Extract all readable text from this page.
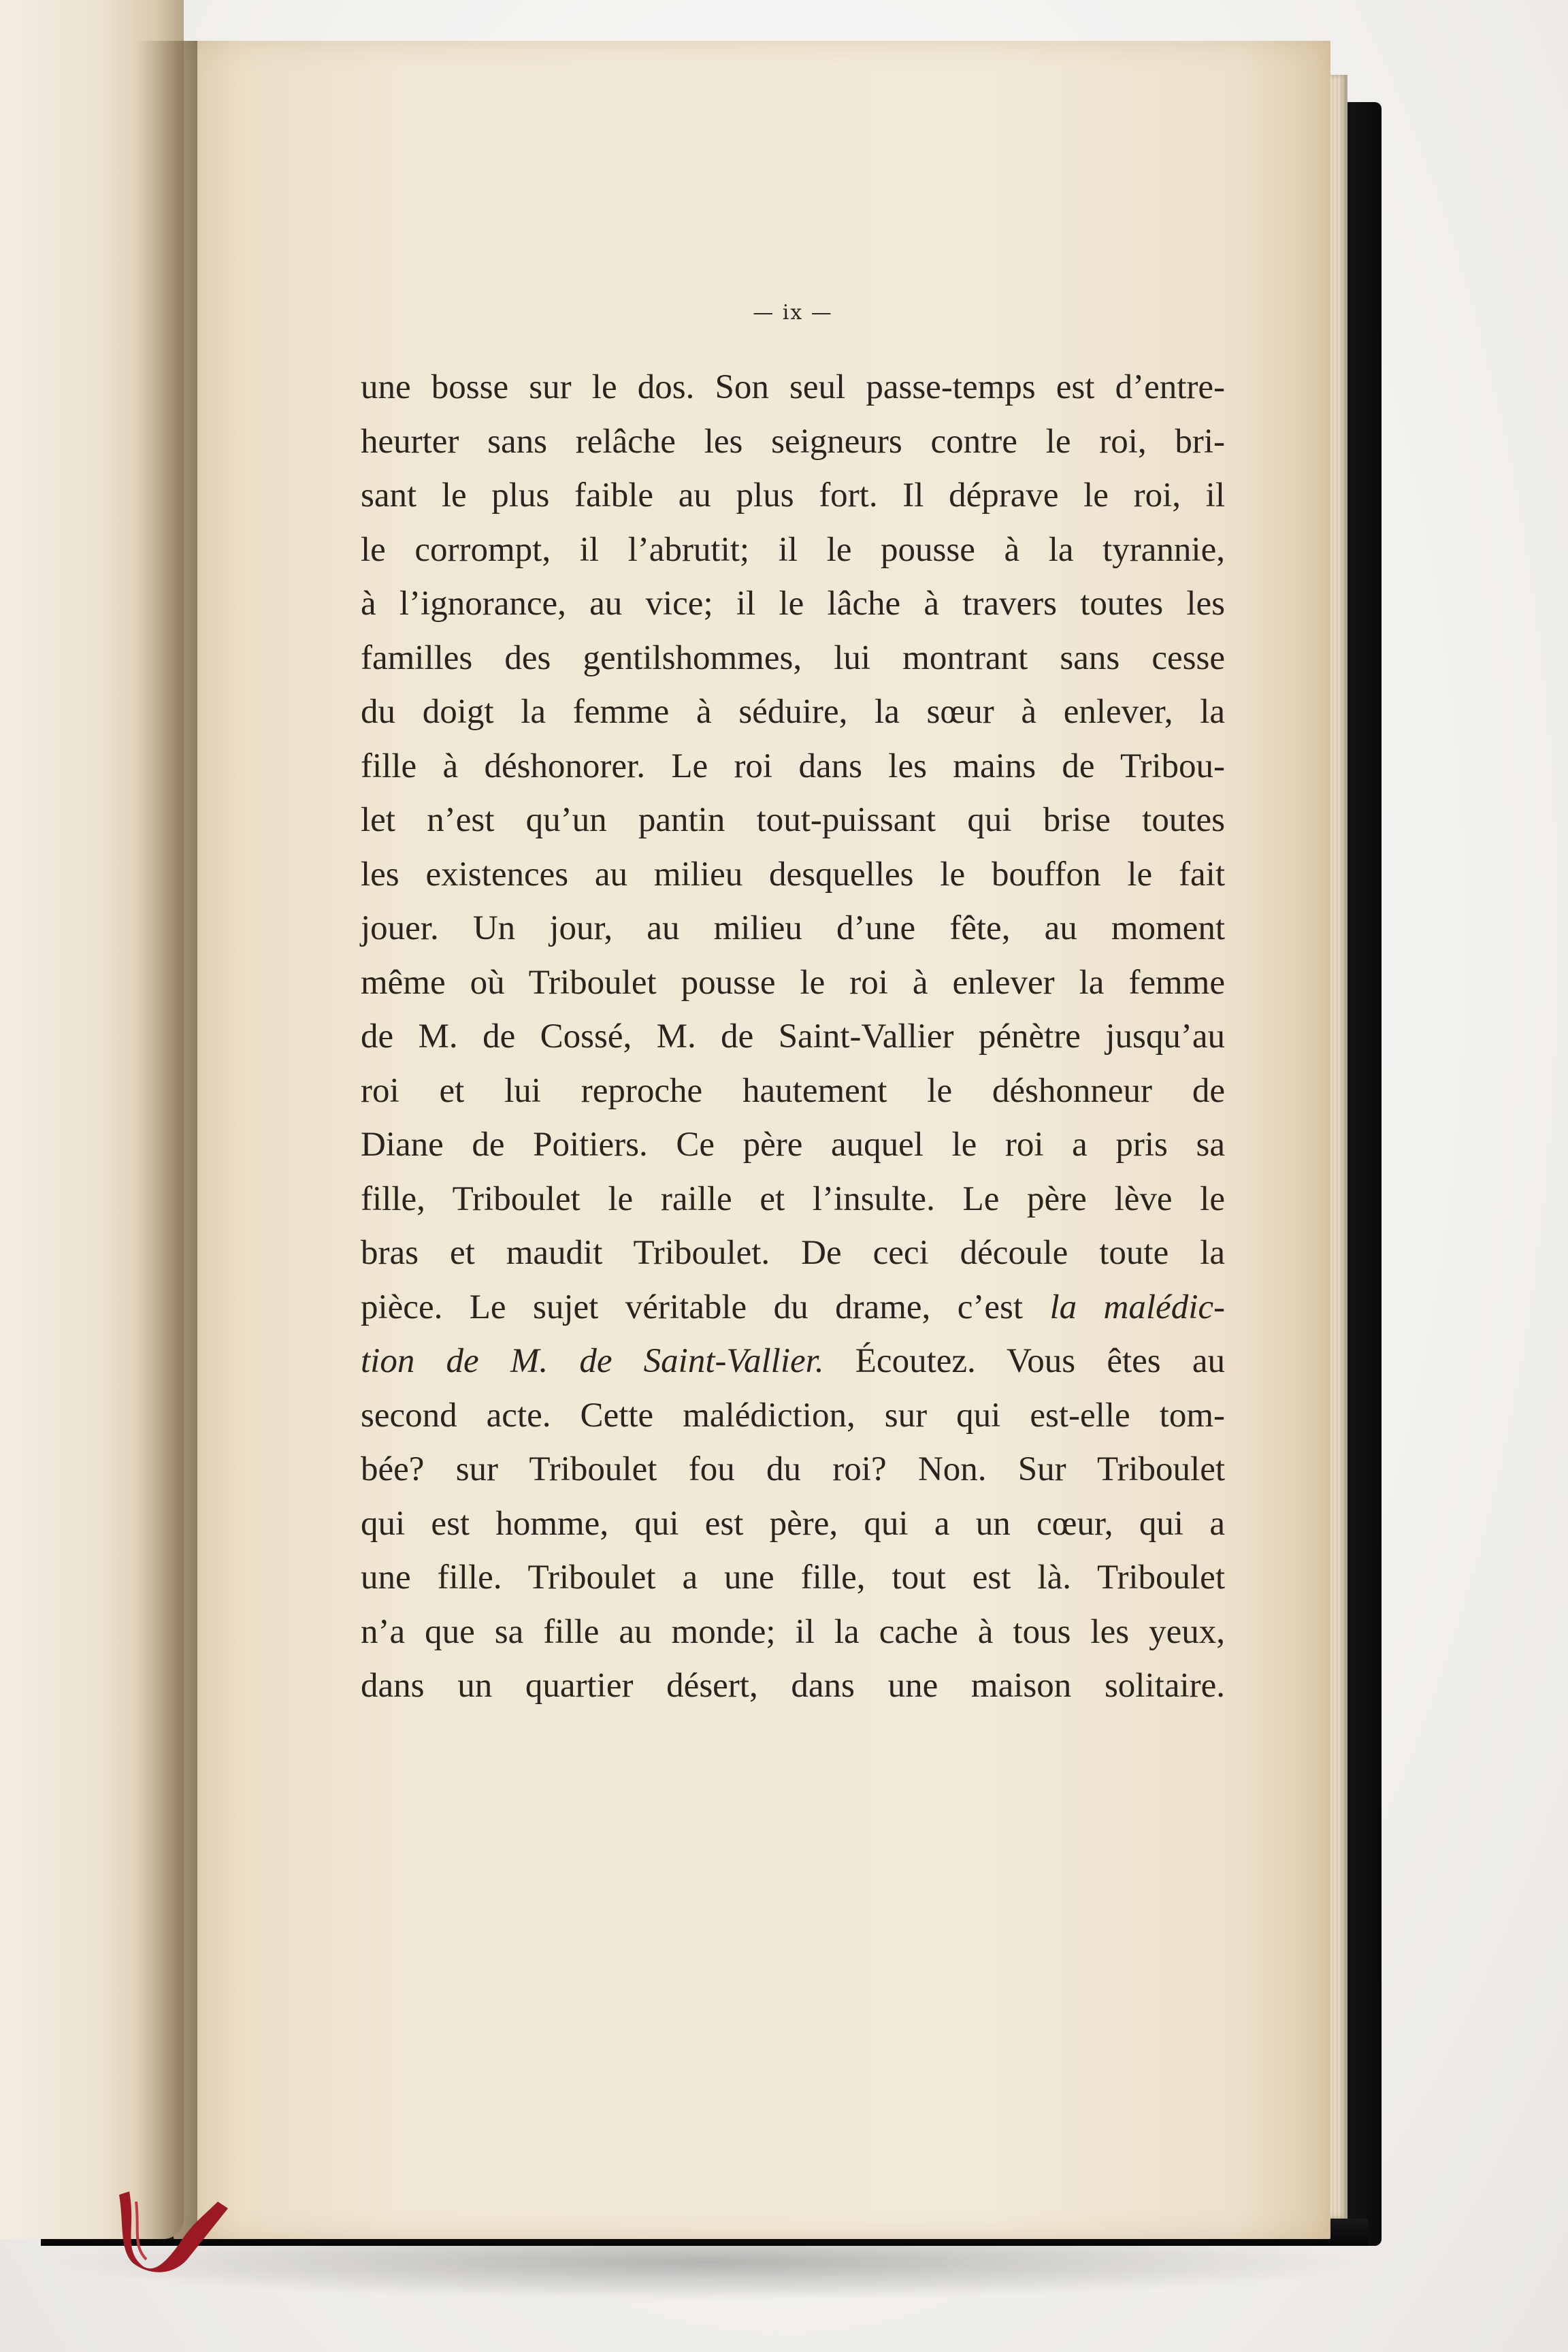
— ix —
une bosse sur le dos. Son seul passe-temps est d’entre-
heurter sans relâche les seigneurs contre le roi, bri-
sant le plus faible au plus fort. Il déprave le roi, il
le corrompt, il l’abrutit; il le pousse à la tyrannie,
à l’ignorance, au vice; il le lâche à travers toutes les
familles des gentilshommes, lui montrant sans cesse
du doigt la femme à séduire, la sœur à enlever, la
fille à déshonorer. Le roi dans les mains de Tribou-
let n’est qu’un pantin tout-puissant qui brise toutes
les existences au milieu desquelles le bouffon le fait
jouer. Un jour, au milieu d’une fête, au moment
même où Triboulet pousse le roi à enlever la femme
de M. de Cossé, M. de Saint-Vallier pénètre jusqu’au
roi et lui reproche hautement le déshonneur de
Diane de Poitiers. Ce père auquel le roi a pris sa
fille, Triboulet le raille et l’insulte. Le père lève le
bras et maudit Triboulet. De ceci découle toute la
pièce. Le sujet véritable du drame, c’est la malédic-
tion de M. de Saint-Vallier. Écoutez. Vous êtes au
second acte. Cette malédiction, sur qui est-elle tom-
bée? sur Triboulet fou du roi? Non. Sur Triboulet
qui est homme, qui est père, qui a un cœur, qui a
une fille. Triboulet a une fille, tout est là. Triboulet
n’a que sa fille au monde; il la cache à tous les yeux,
dans un quartier désert, dans une maison solitaire.
